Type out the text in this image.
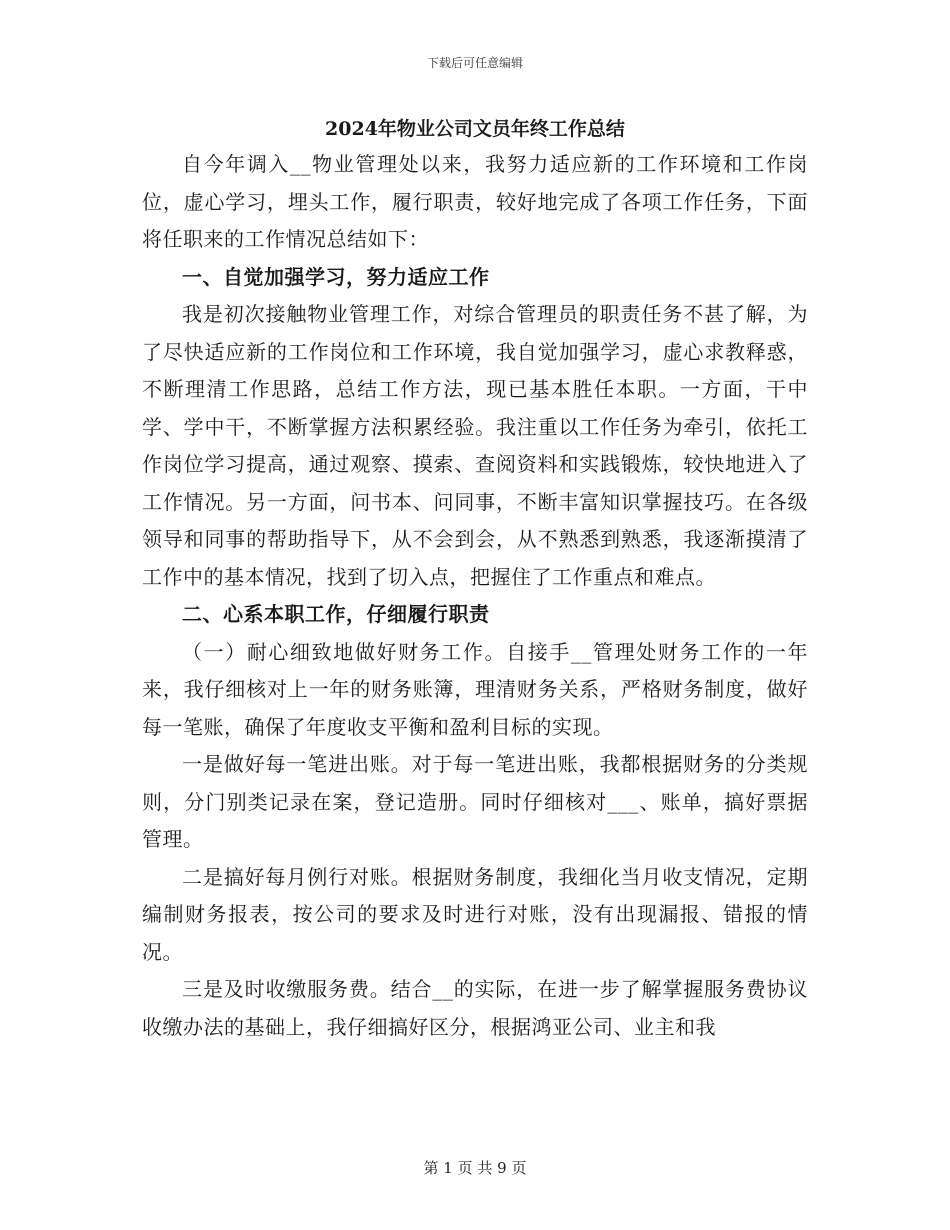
下载后可任意编辑
2024年物业公司文员年终工作总结

自今年调入__物业管理处以来，我努力适应新的工作环境和工作岗位，虚心学习，埋头工作，履行职责，较好地完成了各项工作任务，下面将任职来的工作情况总结如下：

一、自觉加强学习，努力适应工作

我是初次接触物业管理工作，对综合管理员的职责任务不甚了解，为了尽快适应新的工作岗位和工作环境，我自觉加强学习，虚心求教释惑，不断理清工作思路，总结工作方法，现已基本胜任本职。一方面，干中学、学中干，不断掌握方法积累经验。我注重以工作任务为牵引，依托工作岗位学习提高，通过观察、摸索、查阅资料和实践锻炼，较快地进入了工作情况。另一方面，问书本、问同事，不断丰富知识掌握技巧。在各级领导和同事的帮助指导下，从不会到会，从不熟悉到熟悉，我逐渐摸清了工作中的基本情况，找到了切入点，把握住了工作重点和难点。

二、心系本职工作，仔细履行职责

（一）耐心细致地做好财务工作。自接手__管理处财务工作的一年来，我仔细核对上一年的财务账簿，理清财务关系，严格财务制度，做好每一笔账，确保了年度收支平衡和盈利目标的实现。

一是做好每一笔进出账。对于每一笔进出账，我都根据财务的分类规则，分门别类记录在案，登记造册。同时仔细核对___、账单，搞好票据管理。

二是搞好每月例行对账。根据财务制度，我细化当月收支情况，定期编制财务报表，按公司的要求及时进行对账，没有出现漏报、错报的情况。

三是及时收缴服务费。结合__的实际，在进一步了解掌握服务费协议收缴办法的基础上，我仔细搞好区分，根据鸿亚公司、业主和我

第 1 页 共 9 页
